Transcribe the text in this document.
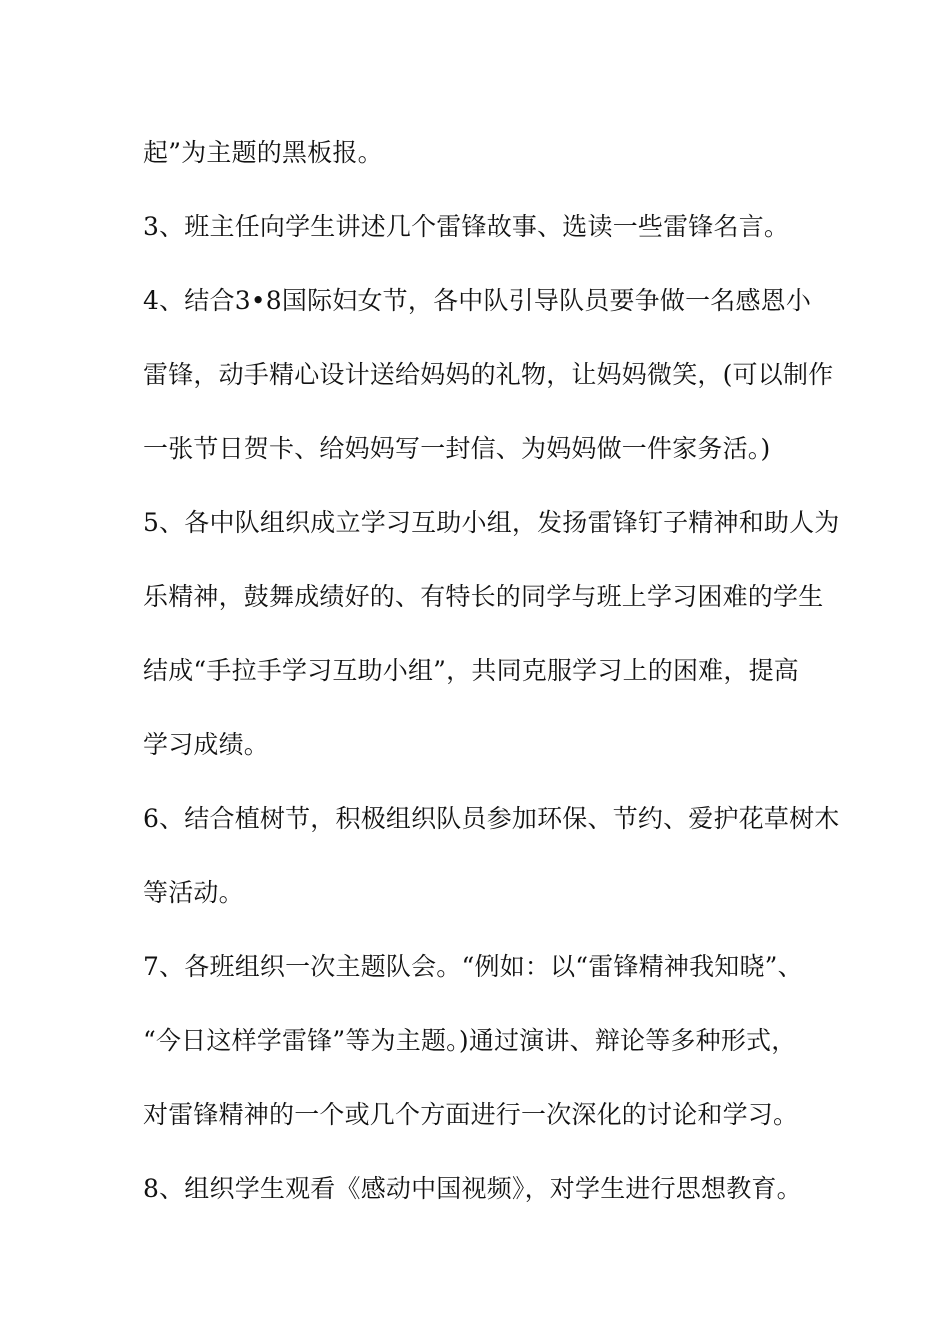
起”为主题的黑板报。
3、班主任向学生讲述几个雷锋故事、选读一些雷锋名言。
4、结合3•8国际妇女节，各中队引导队员要争做一名感恩小
雷锋，动手精心设计送给妈妈的礼物，让妈妈微笑，(可以制作
一张节日贺卡、给妈妈写一封信、为妈妈做一件家务活。)
5、各中队组织成立学习互助小组，发扬雷锋钉子精神和助人为
乐精神，鼓舞成绩好的、有特长的同学与班上学习困难的学生
结成“手拉手学习互助小组”，共同克服学习上的困难，提高
学习成绩。
6、结合植树节，积极组织队员参加环保、节约、爱护花草树木
等活动。
7、各班组织一次主题队会。“例如：以“雷锋精神我知晓”、
“今日这样学雷锋”等为主题。)通过演讲、辩论等多种形式，
对雷锋精神的一个或几个方面进行一次深化的讨论和学习。
8、组织学生观看《感动中国视频》，对学生进行思想教育。
